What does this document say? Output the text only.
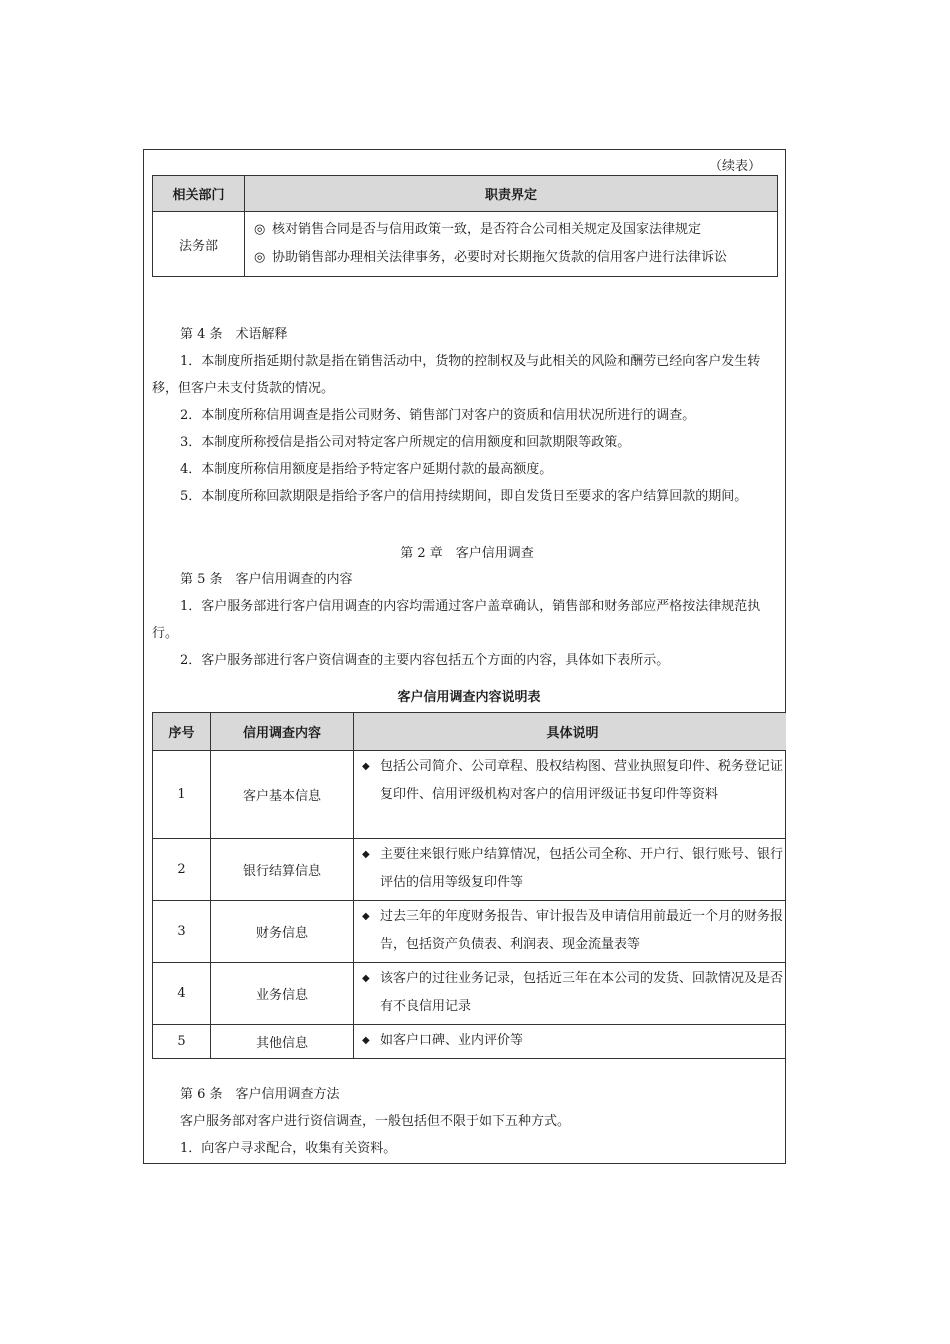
（续表）
相关部门	职责界定
法务部	◎ 核对销售合同是否与信用政策一致，是否符合公司相关规定及国家法律规定
◎ 协助销售部办理相关法律事务，必要时对长期拖欠货款的信用客户进行法律诉讼

第 4 条　术语解释

1．本制度所指延期付款是指在销售活动中，货物的控制权及与此相关的风险和酬劳已经向客户发生转移，但客户未支付货款的情况。

2．本制度所称信用调查是指公司财务、销售部门对客户的资质和信用状况所进行的调查。

3．本制度所称授信是指公司对特定客户所规定的信用额度和回款期限等政策。

4．本制度所称信用额度是指给予特定客户延期付款的最高额度。

5．本制度所称回款期限是指给予客户的信用持续期间，即自发货日至要求的客户结算回款的期间。

第 2 章　客户信用调查

第 5 条　客户信用调查的内容

1．客户服务部进行客户信用调查的内容均需通过客户盖章确认，销售部和财务部应严格按法律规范执行。

2．客户服务部进行客户资信调查的主要内容包括五个方面的内容，具体如下表所示。

客户信用调查内容说明表
序号	信用调查内容	具体说明
1	客户基本信息	◆ 包括公司简介、公司章程、股权结构图、营业执照复印件、税务登记证复印件、信用评级机构对客户的信用评级证书复印件等资料

2	银行结算信息	◆ 主要往来银行账户结算情况，包括公司全称、开户行、银行账号、银行评估的信用等级复印件等

3	财务信息	◆ 过去三年的年度财务报告、审计报告及申请信用前最近一个月的财务报告，包括资产负债表、利润表、现金流量表等

4	业务信息	◆ 该客户的过往业务记录，包括近三年在本公司的发货、回款情况及是否有不良信用记录

5	其他信息	◆ 如客户口碑、业内评价等

第 6 条　客户信用调查方法

客户服务部对客户进行资信调查，一般包括但不限于如下五种方式。

1．向客户寻求配合，收集有关资料。
